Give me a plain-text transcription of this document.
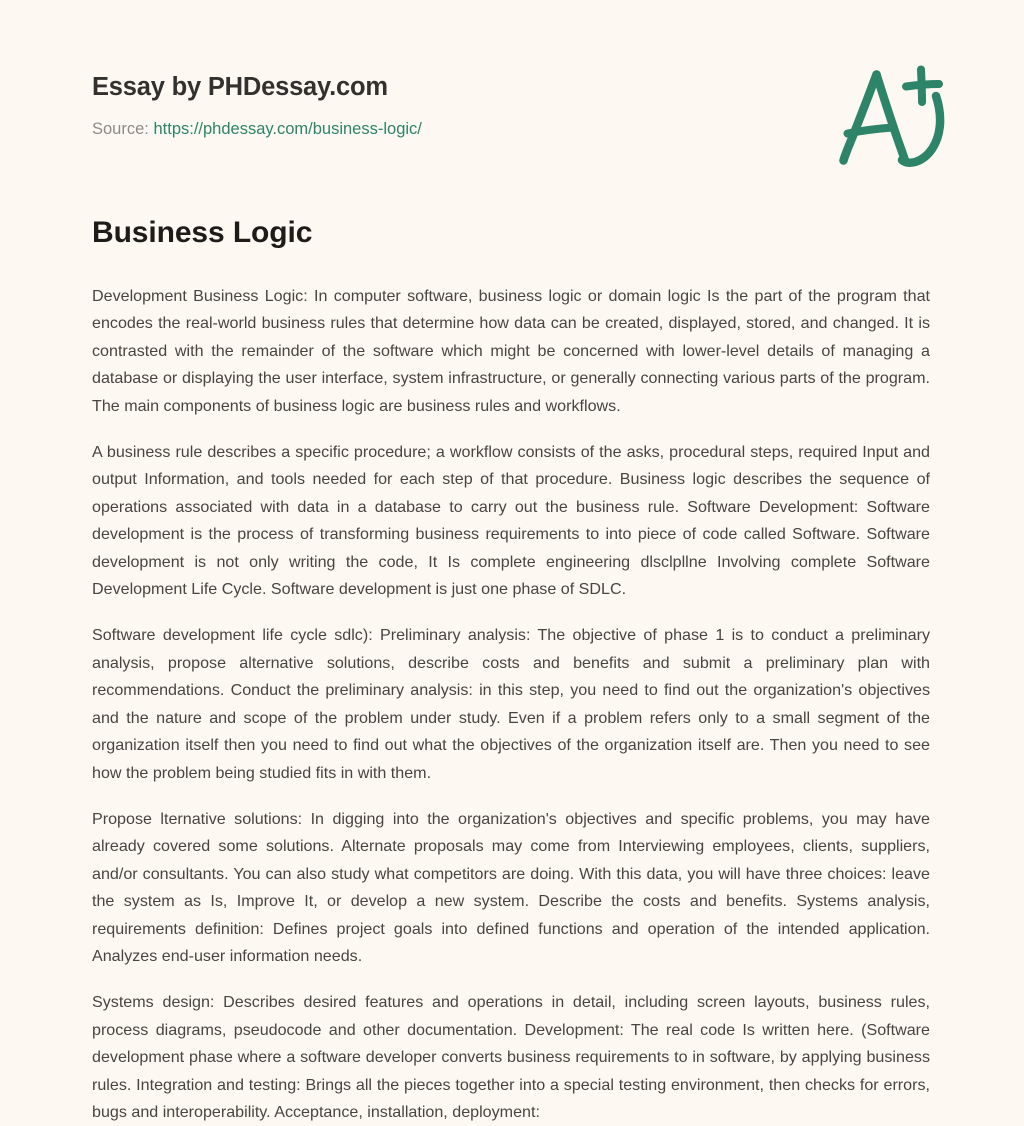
Essay by PHDessay.com
Source: https://phdessay.com/business-logic/
Business Logic

Development Business Logic: In computer software, business logic or domain logic Is the part of the program that encodes the real-world business rules that determine how data can be created, displayed, stored, and changed. It is contrasted with the remainder of the software which might be concerned with lower-level details of managing a database or displaying the user interface, system infrastructure, or generally connecting various parts of the program. The main components of business logic are business rules and workflows.

A business rule describes a specific procedure; a workflow consists of the asks, procedural steps, required Input and output Information, and tools needed for each step of that procedure. Business logic describes the sequence of operations associated with data in a database to carry out the business rule. Software Development: Software development is the process of transforming business requirements to into piece of code called Software. Software development is not only writing the code, It Is complete engineering dlsclpllne Involving complete Software Development Life Cycle. Software development is just one phase of SDLC.

Software development life cycle sdlc): Preliminary analysis: The objective of phase 1 is to conduct a preliminary analysis, propose alternative solutions, describe costs and benefits and submit a preliminary plan with recommendations. Conduct the preliminary analysis: in this step, you need to find out the organization's objectives and the nature and scope of the problem under study. Even if a problem refers only to a small segment of the organization itself then you need to find out what the objectives of the organization itself are. Then you need to see how the problem being studied fits in with them.

Propose lternative solutions: In digging into the organization's objectives and specific problems, you may have already covered some solutions. Alternate proposals may come from Interviewing employees, clients, suppliers, and/or consultants. You can also study what competitors are doing. With this data, you will have three choices: leave the system as Is, Improve It, or develop a new system. Describe the costs and benefits. Systems analysis, requirements definition: Defines project goals into defined functions and operation of the intended application. Analyzes end-user information needs.

Systems design: Describes desired features and operations in detail, including screen layouts, business rules, process diagrams, pseudocode and other documentation. Development: The real code Is written here. (Software development phase where a software developer converts business requirements to in software, by applying business rules. Integration and testing: Brings all the pieces together into a special testing environment, then checks for errors, bugs and interoperability. Acceptance, installation, deployment:
